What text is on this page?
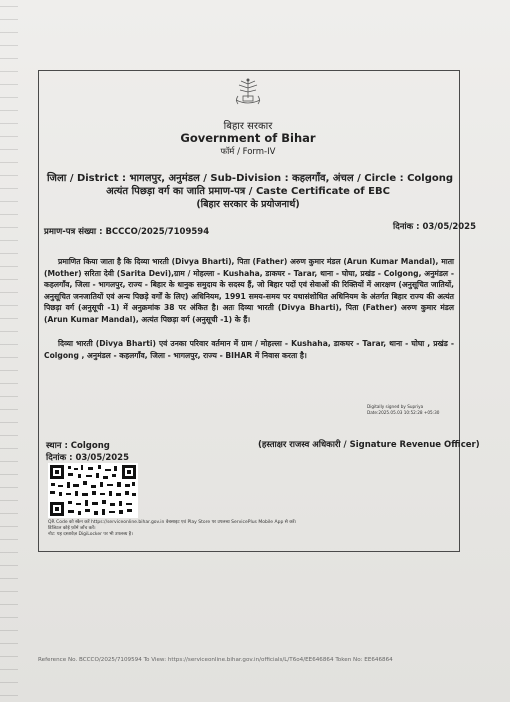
बिहार सरकार
Government of Bihar
फॉर्म / Form-IV
जिला / District : भागलपुर, अनुमंडल / Sub-Division : कहलगाँव, अंचल / Circle : Colgong
अत्यंत पिछड़ा वर्ग का जाति प्रमाण-पत्र / Caste Certificate of EBC
(बिहार सरकार के प्रयोजनार्थ)
प्रमाण-पत्र संख्या : BCCCO/2025/7109594	दिनांक : 03/05/2025
प्रमाणित किया जाता है कि दिव्या भारती (Divya Bharti), पिता (Father) अरुण कुमार मंडल (Arun Kumar Mandal), माता (Mother) सरिता देवी (Sarita Devi),ग्राम / मोहल्ला - Kushaha, डाकघर - Tarar, थाना - घोघा, प्रखंड - Colgong, अनुमंडल - कहलगाँव, जिला - भागलपुर, राज्य - बिहार के धानुक समुदाय के सदस्य हैं, जो बिहार पदों एवं सेवाओं की रिक्तियों में आरक्षण (अनुसूचित जातियों, अनुसूचित जनजातियों एवं अन्य पिछड़े वर्गों के लिए) अधिनियम, 1991 समय-समय पर यथासंशोधित अधिनियम के अंतर्गत बिहार राज्य की अत्यंत पिछड़ा वर्ग (अनुसूची -1) में अनुक्रमांक 38 पर अंकित है। अतः दिव्या भारती (Divya Bharti), पिता (Father) अरुण कुमार मंडल (Arun Kumar Mandal), अत्यंत पिछड़ा वर्ग (अनुसूची -1) के हैं।
दिव्या भारती (Divya Bharti) एवं उनका परिवार वर्तमान में ग्राम / मोहल्ला - Kushaha, डाकघर - Tarar, थाना - घोघा , प्रखंड - Colgong , अनुमंडल - कहलगाँव, जिला - भागलपुर, राज्य - BIHAR में निवास करता है।
Digitally signed by Supriya Date:2025.05.03 10:52:28 +05:30
स्थान : Colgong
दिनांक : 03/05/2025
(हस्ताक्षर राजस्व अधिकारी / Signature Revenue Officer)
QR Code को स्कैन करें https://serviceonline.bihar.gov.in वेबसाइट एवं Play Store पर उपलब्ध ServicePlus Mobile App से करें।
डिजिटल कोई फ़ॉर्म जाँच करें।
नोट: यह दस्तावेज़ DigiLocker पर भी उपलब्ध है।
Reference No. BCCCO/2025/7109594 To View: https://serviceonline.bihar.gov.in/officials/L/T6o4/EE646864 Token No: EE646864
